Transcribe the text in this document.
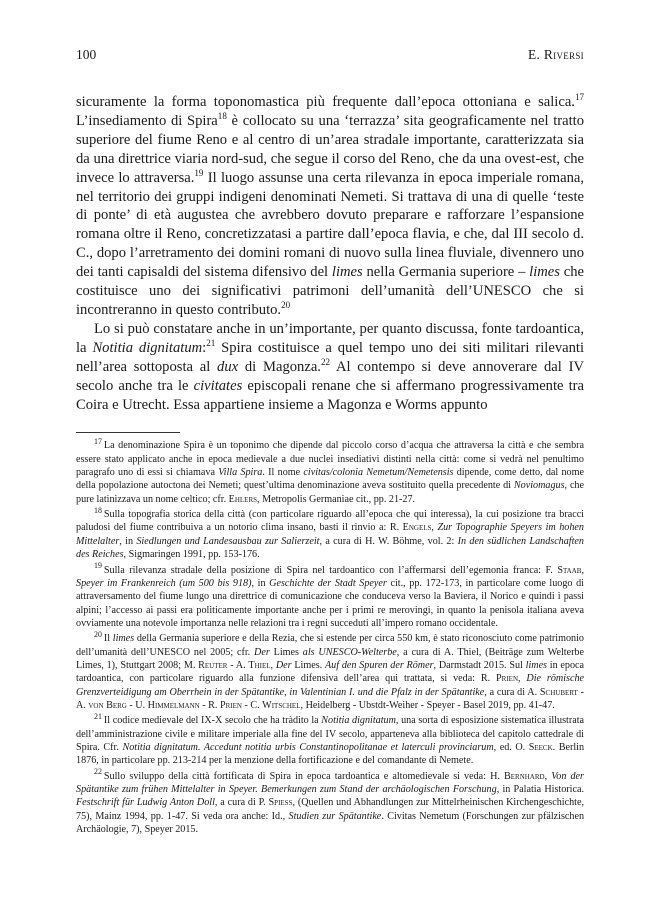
100	E. Riversi

sicuramente la forma toponomastica più frequente dall’epoca ottoniana e salica.$^{17}$ L’insediamento di Spira$^{18}$ è collocato su una ‘terrazza’ sita geograficamente nel tratto superiore del fiume Reno e al centro di un’area stradale importante, caratterizzata sia da una direttrice viaria nord-sud, che segue il corso del Reno, che da una ovest-est, che invece lo attraversa.$^{19}$ Il luogo assunse una certa rilevanza in epoca imperiale romana, nel territorio dei gruppi indigeni denominati Nemeti. Si trattava di una di quelle ‘teste di ponte’ di età augustea che avrebbero dovuto preparare e rafforzare l’espansione romana oltre il Reno, concretizzatasi a partire dall’epoca flavia, e che, dal III secolo d. C., dopo l’arretramento dei domini romani di nuovo sulla linea fluviale, divennero uno dei tanti capisaldi del sistema difensivo del limes nella Germania superiore – limes che costituisce uno dei significativi patrimoni dell’umanità dell’UNESCO che si incontreranno in questo contributo.$^{20}$

Lo si può constatare anche in un’importante, per quanto discussa, fonte tardoantica, la Notitia dignitatum:$^{21}$ Spira costituisce a quel tempo uno dei siti militari rilevanti nell’area sottoposta al dux di Magonza.$^{22}$ Al contempo si deve annoverare dal IV secolo anche tra le civitates episcopali renane che si affermano progressivamente tra Coira e Utrecht. Essa appartiene insieme a Magonza e Worms appunto

$^{17}$ La denominazione Spira è un toponimo che dipende dal piccolo corso d’acqua che attraversa la città e che sembra essere stato applicato anche in epoca medievale a due nuclei insediativi distinti nella città: come si vedrà nel penultimo paragrafo uno di essi si chiamava Villa Spira. Il nome civitas/colonia Nemetum/Nemetensis dipende, come detto, dal nome della popolazione autoctona dei Nemeti; quest’ultima denominazione aveva sostituito quella precedente di Noviomagus, che pure latinizzava un nome celtico; cfr. Ehlers, Metropolis Germaniae cit., pp. 21-27.

$^{18}$ Sulla topografia storica della città (con particolare riguardo all’epoca che qui interessa), la cui posizione tra bracci paludosi del fiume contribuiva a un notorio clima insano, basti il rinvio a: R. Engels, Zur Topographie Speyers im hohen Mittelalter, in Siedlungen und Landesausbau zur Salierzeit, a cura di H. W. Böhme, vol. 2: In den südlichen Landschaften des Reiches, Sigmaringen 1991, pp. 153-176.

$^{19}$ Sulla rilevanza stradale della posizione di Spira nel tardoantico con l’affermarsi dell’egemonia franca: F. Staab, Speyer im Frankenreich (um 500 bis 918), in Geschichte der Stadt Speyer cit., pp. 172-173, in particolare come luogo di attraversamento del fiume lungo una direttrice di comunicazione che conduceva verso la Baviera, il Norico e quindi i passi alpini; l’accesso ai passi era politicamente importante anche per i primi re merovingi, in quanto la penisola italiana aveva ovviamente una notevole importanza nelle relazioni tra i regni succeduti all’impero romano occidentale.

$^{20}$ Il limes della Germania superiore e della Rezia, che si estende per circa 550 km, è stato riconosciuto come patrimonio dell’umanità dell’UNESCO nel 2005; cfr. Der Limes als UNESCO-Welterbe, a cura di A. Thiel, (Beiträge zum Welterbe Limes, 1), Stuttgart 2008; M. Reuter - A. Thiel, Der Limes. Auf den Spuren der Römer, Darmstadt 2015. Sul limes in epoca tardoantica, con particolare riguardo alla funzione difensiva dell’area qui trattata, si veda: R. Prien, Die römische Grenzverteidigung am Oberrhein in der Spätantike, in Valentinian I. und die Pfalz in der Spätantike, a cura di A. Schubert - A. von Berg - U. Himmelmann - R. Prien - C. Witschel, Heidelberg - Ubstdt-Weiher - Speyer - Basel 2019, pp. 41-47.

$^{21}$ Il codice medievale del IX-X secolo che ha tràdito la Notitia dignitatum, una sorta di esposizione sistematica illustrata dell’amministrazione civile e militare imperiale alla fine del IV secolo, apparteneva alla biblioteca del capitolo cattedrale di Spira. Cfr. Notitia dignitatum. Accedunt notitia urbis Constantinopolitanae et laterculi provinciarum, ed. O. Seeck. Berlin 1876, in particolare pp. 213-214 per la menzione della fortificazione e del comandante di Nemete.

$^{22}$ Sullo sviluppo della città fortificata di Spira in epoca tardoantica e altomedievale si veda: H. Bernhard, Von der Spätantike zum frühen Mittelalter in Speyer. Bemerkungen zum Stand der archäologischen Forschung, in Palatia Historica. Festschrift für Ludwig Anton Doll, a cura di P. Spiess, (Quellen und Abhandlungen zur Mittelrheinischen Kirchengeschichte, 75), Mainz 1994, pp. 1-47. Si veda ora anche: Id., Studien zur Spätantike. Civitas Nemetum (Forschungen zur pfälzischen Archäologie, 7), Speyer 2015.
